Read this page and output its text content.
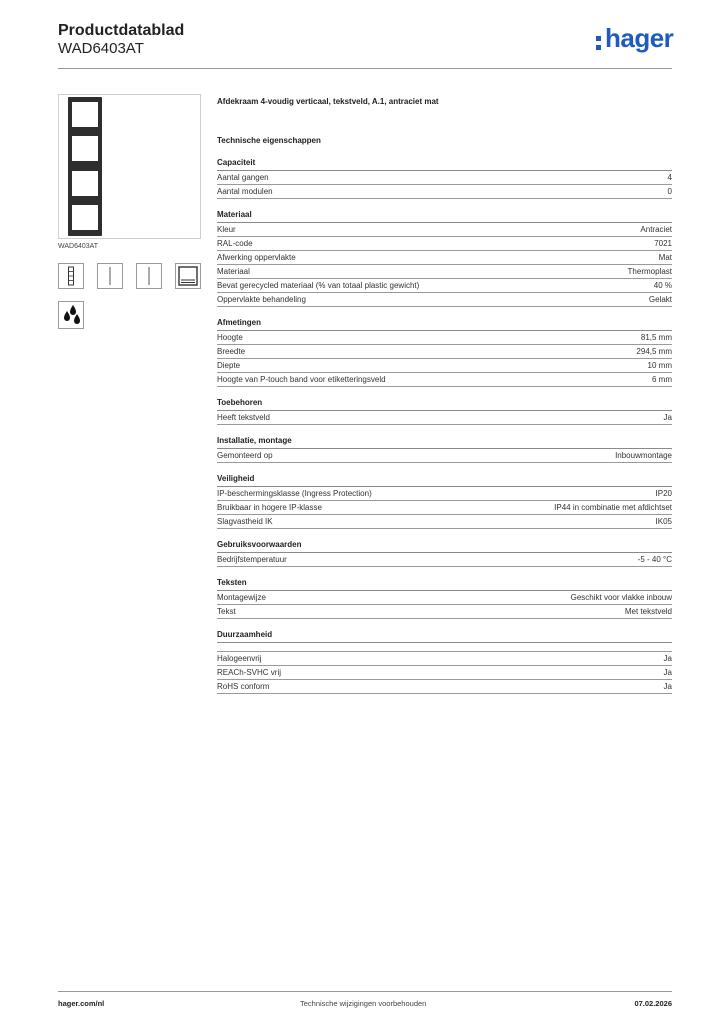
Productdatablad
WAD6403AT	hager
WAD6403AT
Afdekraam 4-voudig verticaal, tekstveld, A.1, antraciet mat
Technische eigenschappen
Capaciteit
Aantal gangen	4
Aantal modulen	0
Materiaal
Kleur	Antraciet
RAL-code	7021
Afwerking oppervlakte	Mat
Materiaal	Thermoplast
Bevat gerecycled materiaal (% van totaal plastic gewicht)	40 %
Oppervlakte behandeling	Gelakt
Afmetingen
Hoogte	81,5 mm
Breedte	294,5 mm
Diepte	10 mm
Hoogte van P-touch band voor etiketteringsveld	6 mm
Toebehoren
Heeft tekstveld	Ja
Installatie, montage
Gemonteerd op	Inbouwmontage
Veiligheid
IP-beschermingsklasse (Ingress Protection)	IP20
Bruikbaar in hogere IP-klasse	IP44 in combinatie met afdichtset
Slagvastheid IK	IK05
Gebruiksvoorwaarden
Bedrijfstemperatuur	-5 - 40 °C
Teksten
Montagewijze	Geschikt voor vlakke inbouw
Tekst	Met tekstveld
Duurzaamheid
Halogeenvrij	Ja
REACh-SVHC vrij	Ja
RoHS conform	Ja
hager.com/nl	Technische wijzigingen voorbehouden	07.02.2026
